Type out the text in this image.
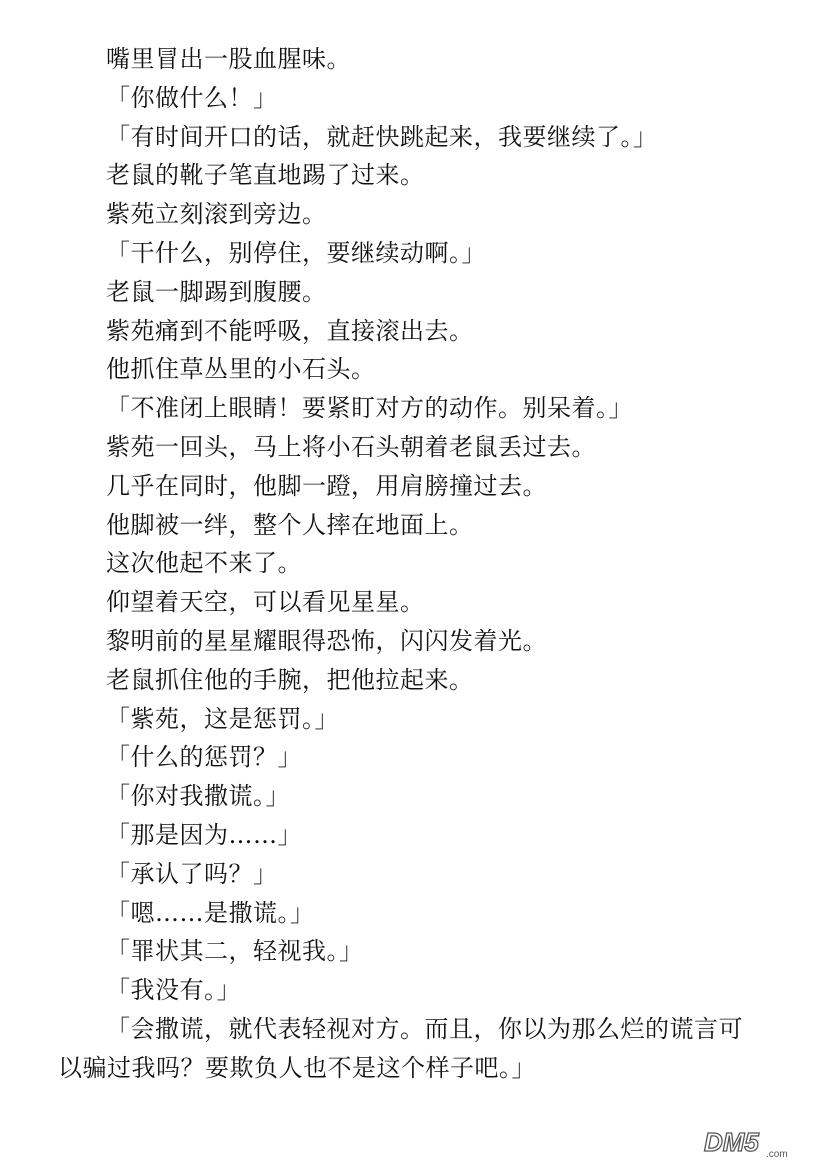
嘴里冒出一股血腥味。

「你做什么！」

「有时间开口的话，就赶快跳起来，我要继续了。」

老鼠的靴子笔直地踢了过来。

紫苑立刻滚到旁边。

「干什么，别停住，要继续动啊。」

老鼠一脚踢到腹腰。

紫苑痛到不能呼吸，直接滚出去。

他抓住草丛里的小石头。

「不准闭上眼睛！要紧盯对方的动作。别呆着。」

紫苑一回头，马上将小石头朝着老鼠丢过去。

几乎在同时，他脚一蹬，用肩膀撞过去。

他脚被一绊，整个人摔在地面上。

这次他起不来了。

仰望着天空，可以看见星星。

黎明前的星星耀眼得恐怖，闪闪发着光。

老鼠抓住他的手腕，把他拉起来。

「紫苑，这是惩罚。」

「什么的惩罚？」

「你对我撒谎。」

「那是因为……」

「承认了吗？」

「嗯……是撒谎。」

「罪状其二，轻视我。」

「我没有。」

「会撒谎，就代表轻视对方。而且，你以为那么烂的谎言可以骗过我吗？要欺负人也不是这个样子吧。」

DM5 .com
